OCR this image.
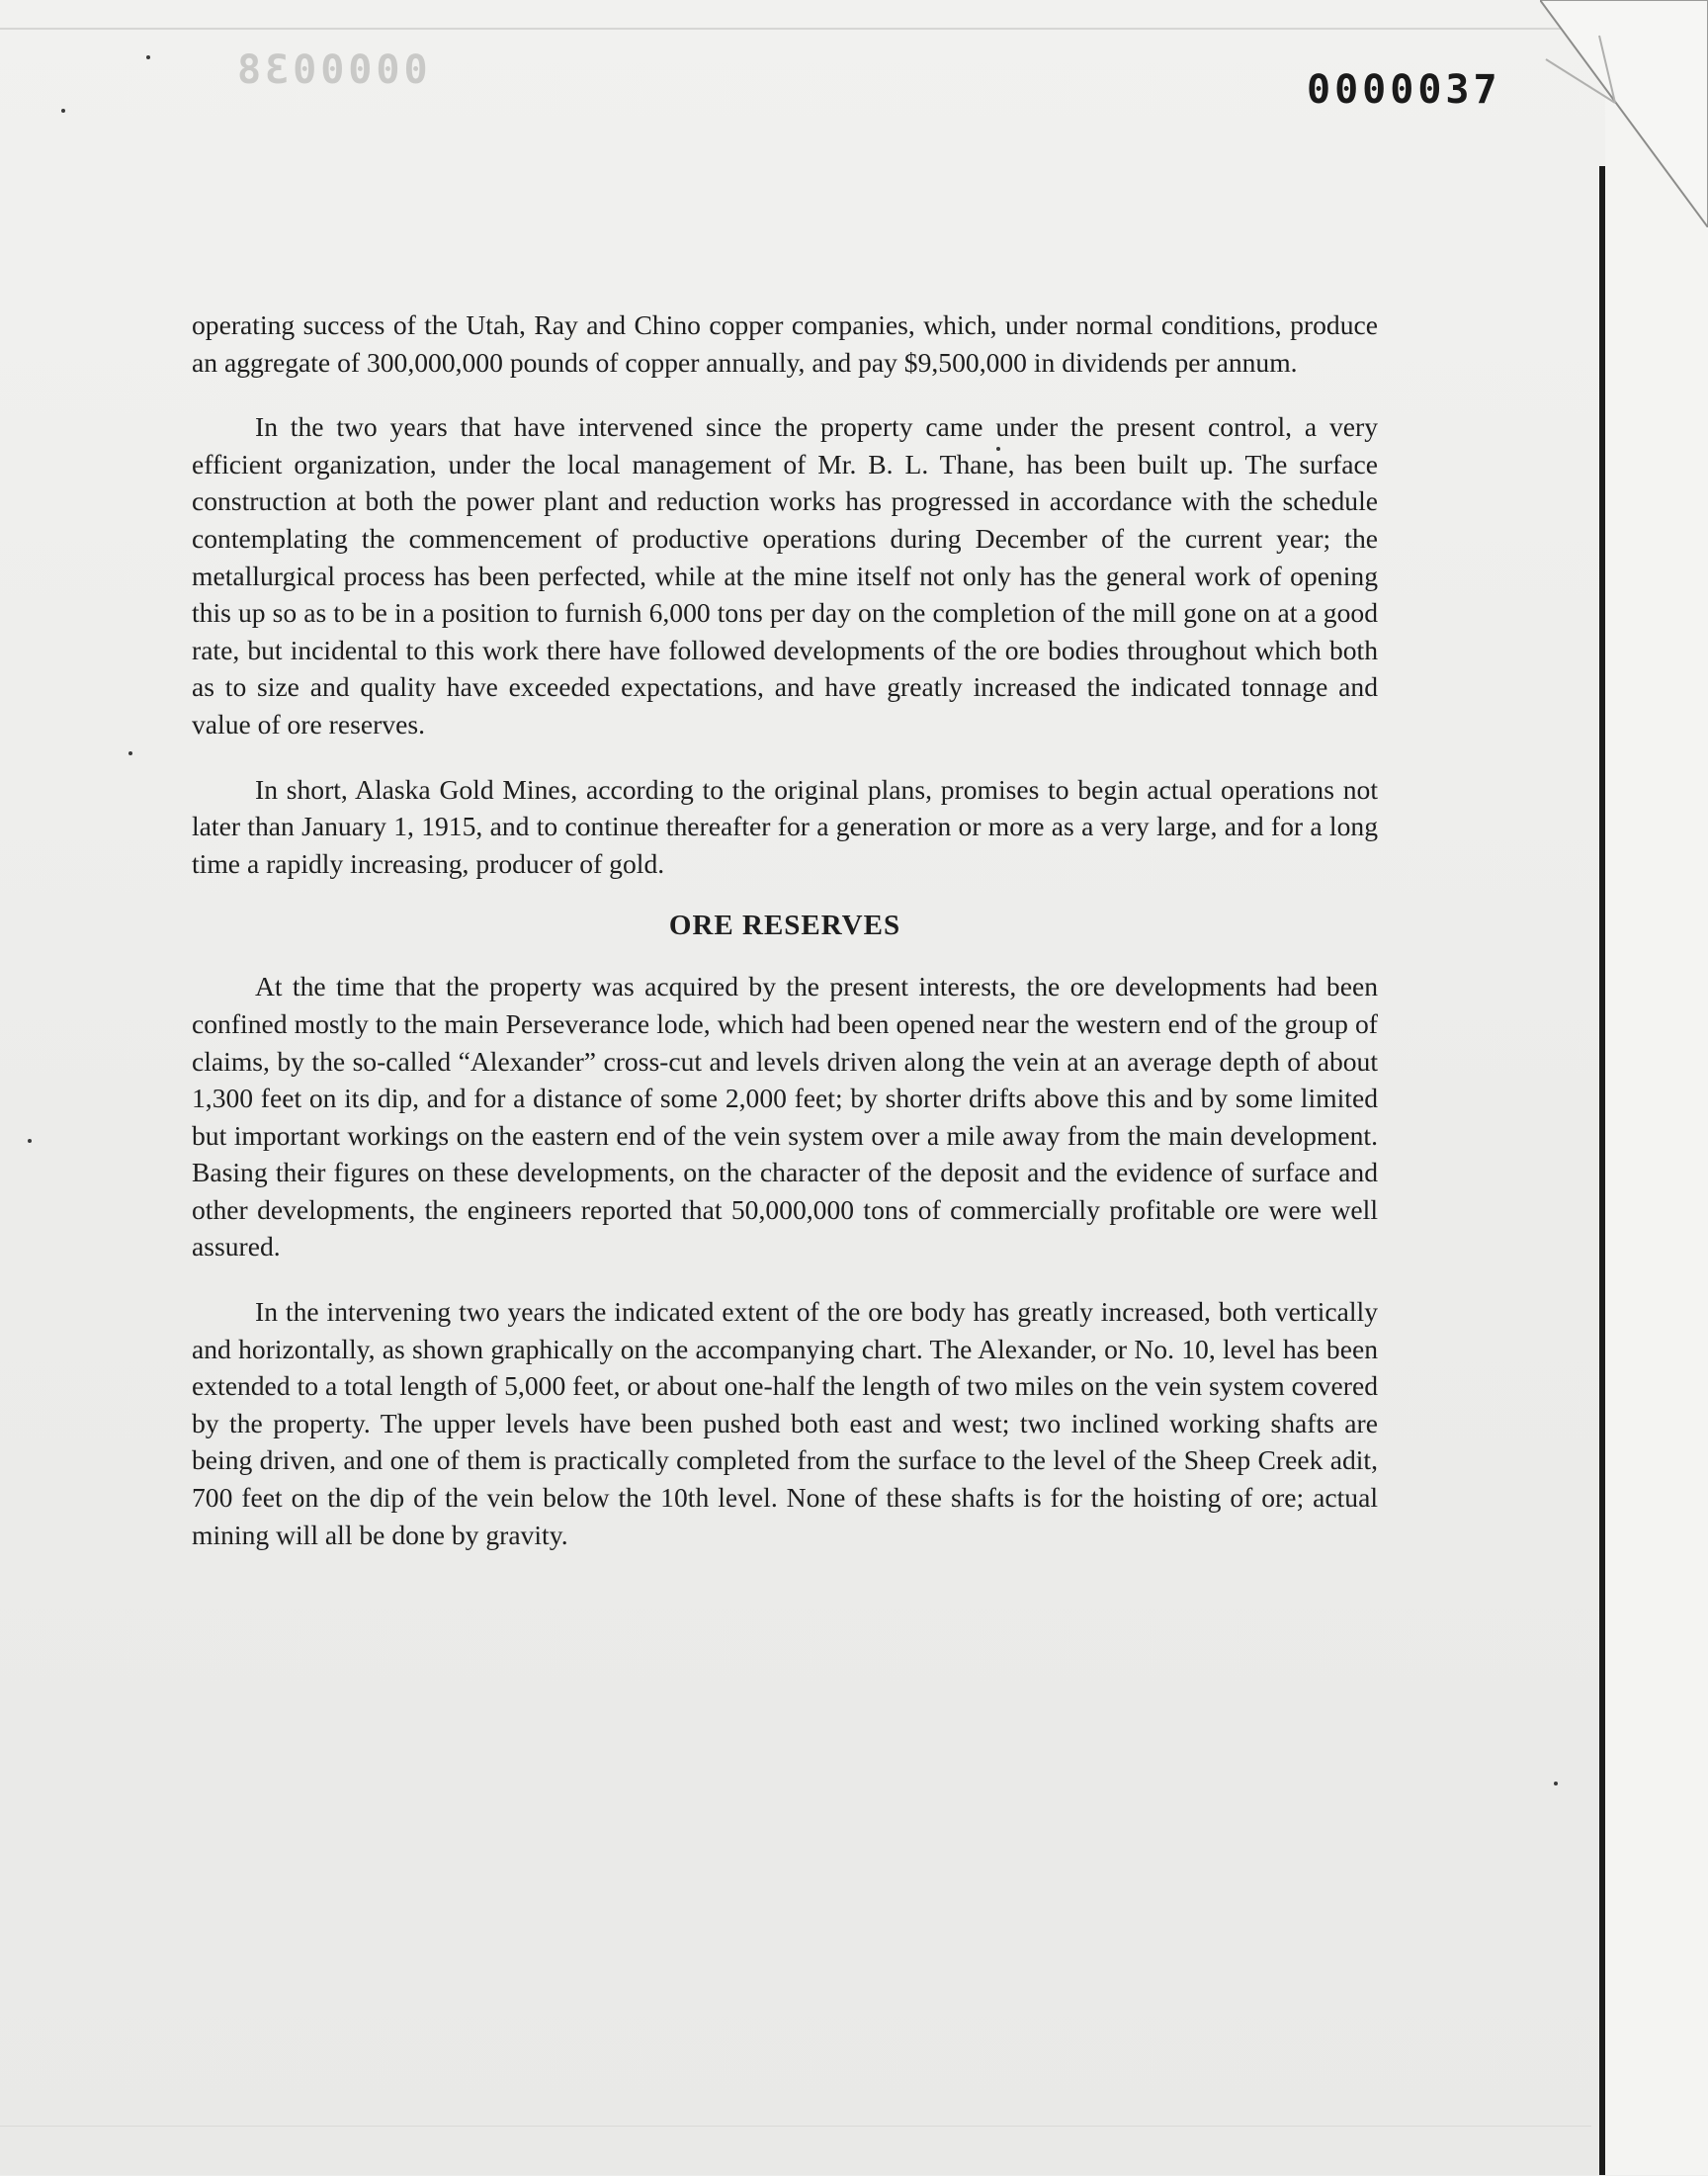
0000038	0000037

operating success of the Utah, Ray and Chino copper companies, which, under normal conditions, produce an aggregate of 300,000,000 pounds of copper annually, and pay $9,500,000 in dividends per annum.

In the two years that have intervened since the property came under the present control, a very efficient organization, under the local management of Mr. B. L. Thane, has been built up. The surface construction at both the power plant and reduction works has progressed in accordance with the schedule contemplating the commencement of productive operations during December of the current year; the metallurgical process has been perfected, while at the mine itself not only has the general work of opening this up so as to be in a position to furnish 6,000 tons per day on the completion of the mill gone on at a good rate, but incidental to this work there have followed developments of the ore bodies throughout which both as to size and quality have exceeded expectations, and have greatly increased the indicated tonnage and value of ore reserves.

In short, Alaska Gold Mines, according to the original plans, promises to begin actual operations not later than January 1, 1915, and to continue thereafter for a generation or more as a very large, and for a long time a rapidly increasing, producer of gold.

ORE RESERVES

At the time that the property was acquired by the present interests, the ore developments had been confined mostly to the main Perseverance lode, which had been opened near the western end of the group of claims, by the so-called “Alexander” cross-cut and levels driven along the vein at an average depth of about 1,300 feet on its dip, and for a distance of some 2,000 feet; by shorter drifts above this and by some limited but important workings on the eastern end of the vein system over a mile away from the main development. Basing their figures on these developments, on the character of the deposit and the evidence of surface and other developments, the engineers reported that 50,000,000 tons of commercially profitable ore were well assured.

In the intervening two years the indicated extent of the ore body has greatly increased, both vertically and horizontally, as shown graphically on the accompanying chart. The Alexander, or No. 10, level has been extended to a total length of 5,000 feet, or about one-half the length of two miles on the vein system covered by the property. The upper levels have been pushed both east and west; two inclined working shafts are being driven, and one of them is practically completed from the surface to the level of the Sheep Creek adit, 700 feet on the dip of the vein below the 10th level. None of these shafts is for the hoisting of ore; actual mining will all be done by gravity.
